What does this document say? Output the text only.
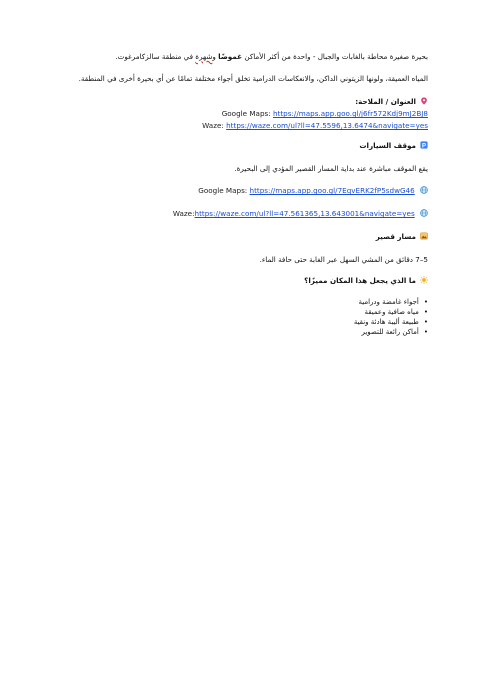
بحيرة صغيرة محاطة بالغابات والجبال - واحدة من أكثر الأماكن غموضًا وشهرة في منطقة سالزكامرغوت.
المياه العميقة، ولونها الزيتوني الداكن، والانعكاسات الدرامية تخلق أجواء مختلفة تمامًا عن أي بحيرة أخرى في المنطقة.
العنوان / الملاحة:
Google Maps: https://maps.app.goo.gl/j6fr572Kdj9mJ2BJ8
Waze: https://waze.com/ul?ll=47.5596,13.6474&navigate=yes
P
موقف السيارات
يقع الموقف مباشرة عند بداية المسار القصير المؤدي إلى البحيرة.
Google Maps: https://maps.app.goo.gl/7EqvERK2fP5sdwG46
Waze:https://waze.com/ul?ll=47.561365,13.643001&navigate=yes
مسار قصير
5–7 دقائق من المشي السهل عبر الغابة حتى حافة الماء.
ما الذي يجعل هذا المكان مميزًا؟
• أجواء غامضة ودرامية
• مياه صافية وعميقة
• طبيعة أليبة هادئة ونقية
• أماكن رائعة للتصوير
